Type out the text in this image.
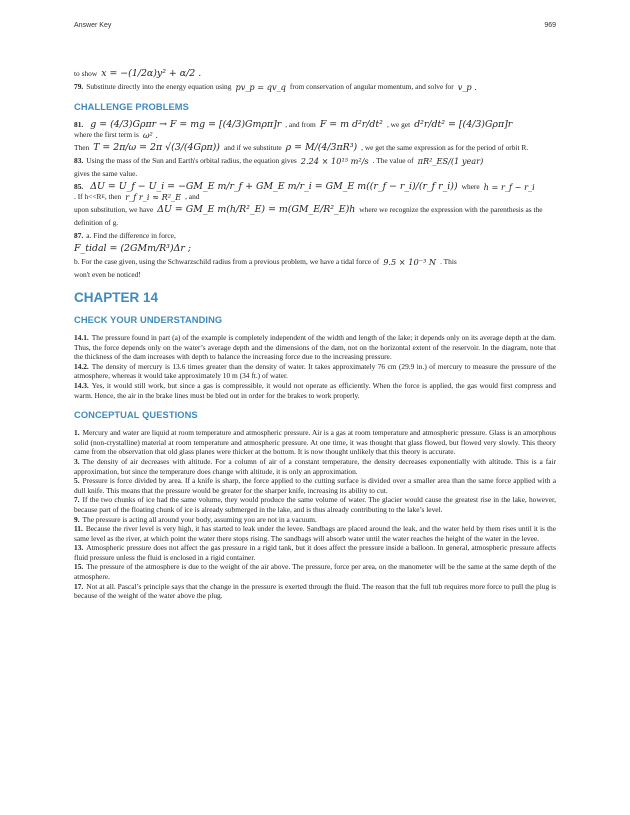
Answer Key	969
to show x = −(1/2α)y² + α/2 .
79. Substitute directly into the energy equation using pv_p = qv_q from conservation of angular momentum, and solve for v_p .
CHALLENGE PROBLEMS
81. g = (4/3)Gρπr → F = mg = [(4/3)Gmρπ]r , and from F = m d²r/dt² , we get d²r/dt² = [(4/3)Gρπ]r
where the first term is ω² .
Then T = 2π/ω = 2π √(3/(4Gρπ)) and if we substitute ρ = M/(4/3πR³) , we get the same expression as for the period of orbit R.
83. Using the mass of the Sun and Earth's orbital radius, the equation gives 2.24 × 10¹⁵ m²/s . The value of πR²_ES/(1 year)
gives the same value.
85. ΔU = U_f − U_i = −GM_E m/r_f + GM_E m/r_i = GM_E m((r_f − r_i)/(r_f r_i)) where h = r_f − r_i
. If h<<R E , then r_f r_i ≈ R²_E , and
upon substitution, we have ΔU = GM_E m(h/R²_E) = m(GM_E/R²_E)h where we recognize the expression with the parenthesis as the
definition of g.
87. a. Find the difference in force,
F_tidal = (2GMm/R³)Δr ;
b. For the case given, using the Schwarzschild radius from a previous problem, we have a tidal force of 9.5 × 10⁻³ N . This
won't even be noticed!
CHAPTER 14
CHECK YOUR UNDERSTANDING

14.1. The pressure found in part (a) of the example is completely independent of the width and length of the lake; it depends only on its average depth at the dam. Thus, the force depends only on the water’s average depth and the dimensions of the dam, not on the horizontal extent of the reservoir. In the diagram, note that the thickness of the dam increases with depth to balance the increasing force due to the increasing pressure.

14.2. The density of mercury is 13.6 times greater than the density of water. It takes approximately 76 cm (29.9 in.) of mercury to measure the pressure of the atmosphere, whereas it would take approximately 10 m (34 ft.) of water.

14.3. Yes, it would still work, but since a gas is compressible, it would not operate as efficiently. When the force is applied, the gas would first compress and warm. Hence, the air in the brake lines must be bled out in order for the brakes to work properly.

CONCEPTUAL QUESTIONS

1. Mercury and water are liquid at room temperature and atmospheric pressure. Air is a gas at room temperature and atmospheric pressure. Glass is an amorphous solid (non-crystalline) material at room temperature and atmospheric pressure. At one time, it was thought that glass flowed, but flowed very slowly. This theory came from the observation that old glass planes were thicker at the bottom. It is now thought unlikely that this theory is accurate.

3. The density of air decreases with altitude. For a column of air of a constant temperature, the density decreases exponentially with altitude. This is a fair approximation, but since the temperature does change with altitude, it is only an approximation.

5. Pressure is force divided by area. If a knife is sharp, the force applied to the cutting surface is divided over a smaller area than the same force applied with a dull knife. This means that the pressure would be greater for the sharper knife, increasing its ability to cut.

7. If the two chunks of ice had the same volume, they would produce the same volume of water. The glacier would cause the greatest rise in the lake, however, because part of the floating chunk of ice is already submerged in the lake, and is thus already contributing to the lake’s level.

9. The pressure is acting all around your body, assuming you are not in a vacuum.

11. Because the river level is very high, it has started to leak under the levee. Sandbags are placed around the leak, and the water held by them rises until it is the same level as the river, at which point the water there stops rising. The sandbags will absorb water until the water reaches the height of the water in the levee.

13. Atmospheric pressure does not affect the gas pressure in a rigid tank, but it does affect the pressure inside a balloon. In general, atmospheric pressure affects fluid pressure unless the fluid is enclosed in a rigid container.

15. The pressure of the atmosphere is due to the weight of the air above. The pressure, force per area, on the manometer will be the same at the same depth of the atmosphere.

17. Not at all. Pascal’s principle says that the change in the pressure is exerted through the fluid. The reason that the full tub requires more force to pull the plug is because of the weight of the water above the plug.
